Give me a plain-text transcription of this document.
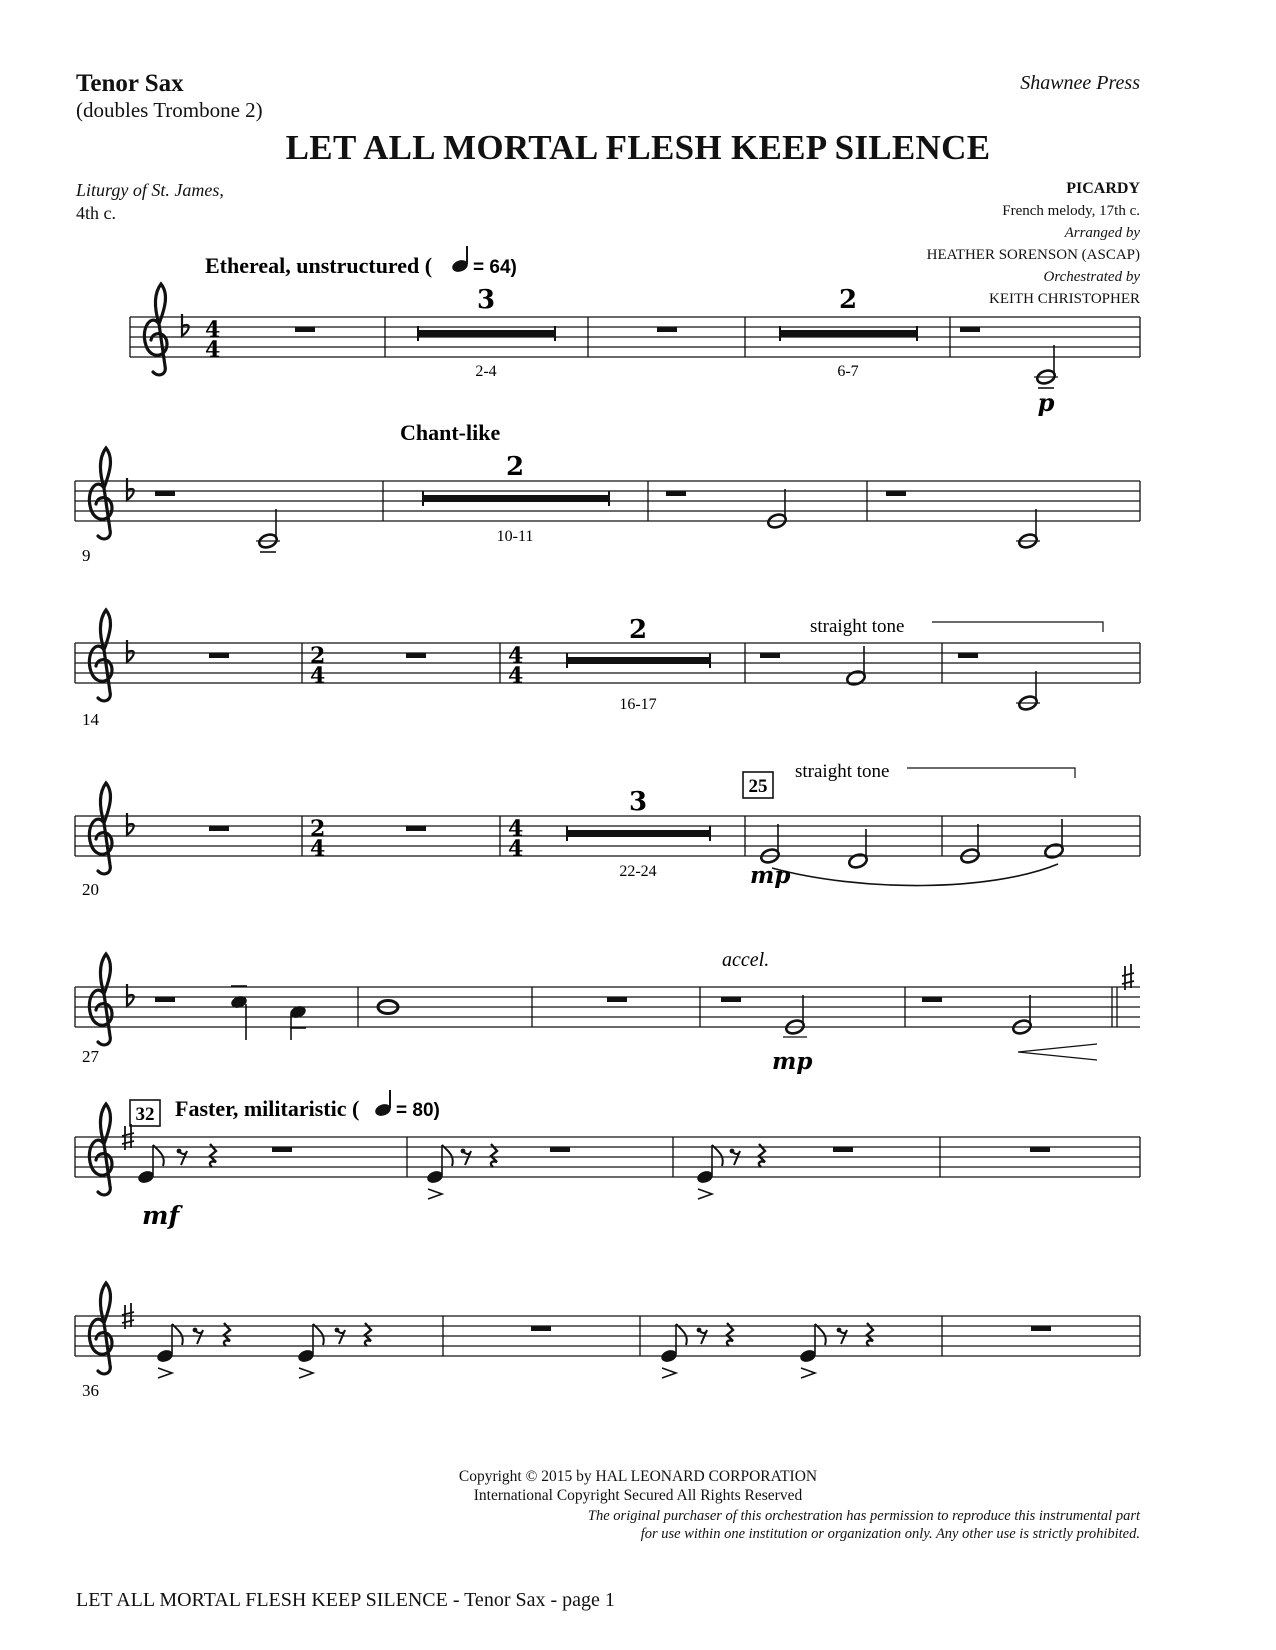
Tenor Sax
(doubles Trombone 2)
Shawnee Press
LET ALL MORTAL FLESH KEEP SILENCE
Liturgy of St. James,
4th c.
PICARDY
French melody, 17th c.
Arranged by
HEATHER SORENSON (ASCAP)
Orchestrated by
KEITH CHRISTOPHER
Ethereal, unstructured ( = 64)
4
4
3
2-4
2
6-7
p
Chant-like
9
2
10-11
straight tone
14
2
4
4
4
2
16-17
25
straight tone
20
2
4
4
4
3
22-24	mp
accel.
27	mp
32 Faster, militaristic ( = 80)
mf
36
Copyright © 2015 by HAL LEONARD CORPORATION
International Copyright Secured All Rights Reserved
The original purchaser of this orchestration has permission to reproduce this instrumental part
for use within one institution or organization only. Any other use is strictly prohibited.
LET ALL MORTAL FLESH KEEP SILENCE - Tenor Sax - page 1
